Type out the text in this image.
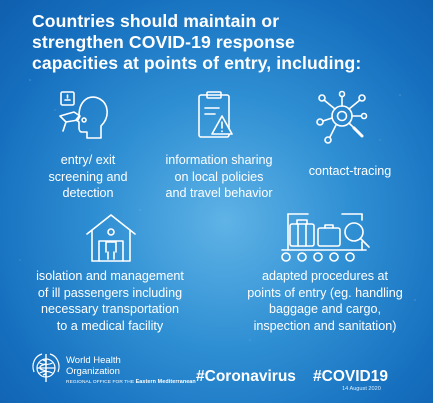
Countries should maintain or
strengthen COVID-19 response
capacities at points of entry, including:
entry/ exit
screening and
detection
information sharing
on local policies
and travel behavior
contact-tracing
isolation and management
of ill passengers including
necessary transportation
to a medical facility
adapted procedures at
points of entry (eg. handling
baggage and cargo,
inspection and sanitation)
World Health
Organization
REGIONAL OFFICE FOR THE Eastern Mediterranean #Coronavirus #COVID19
14 August 2020
